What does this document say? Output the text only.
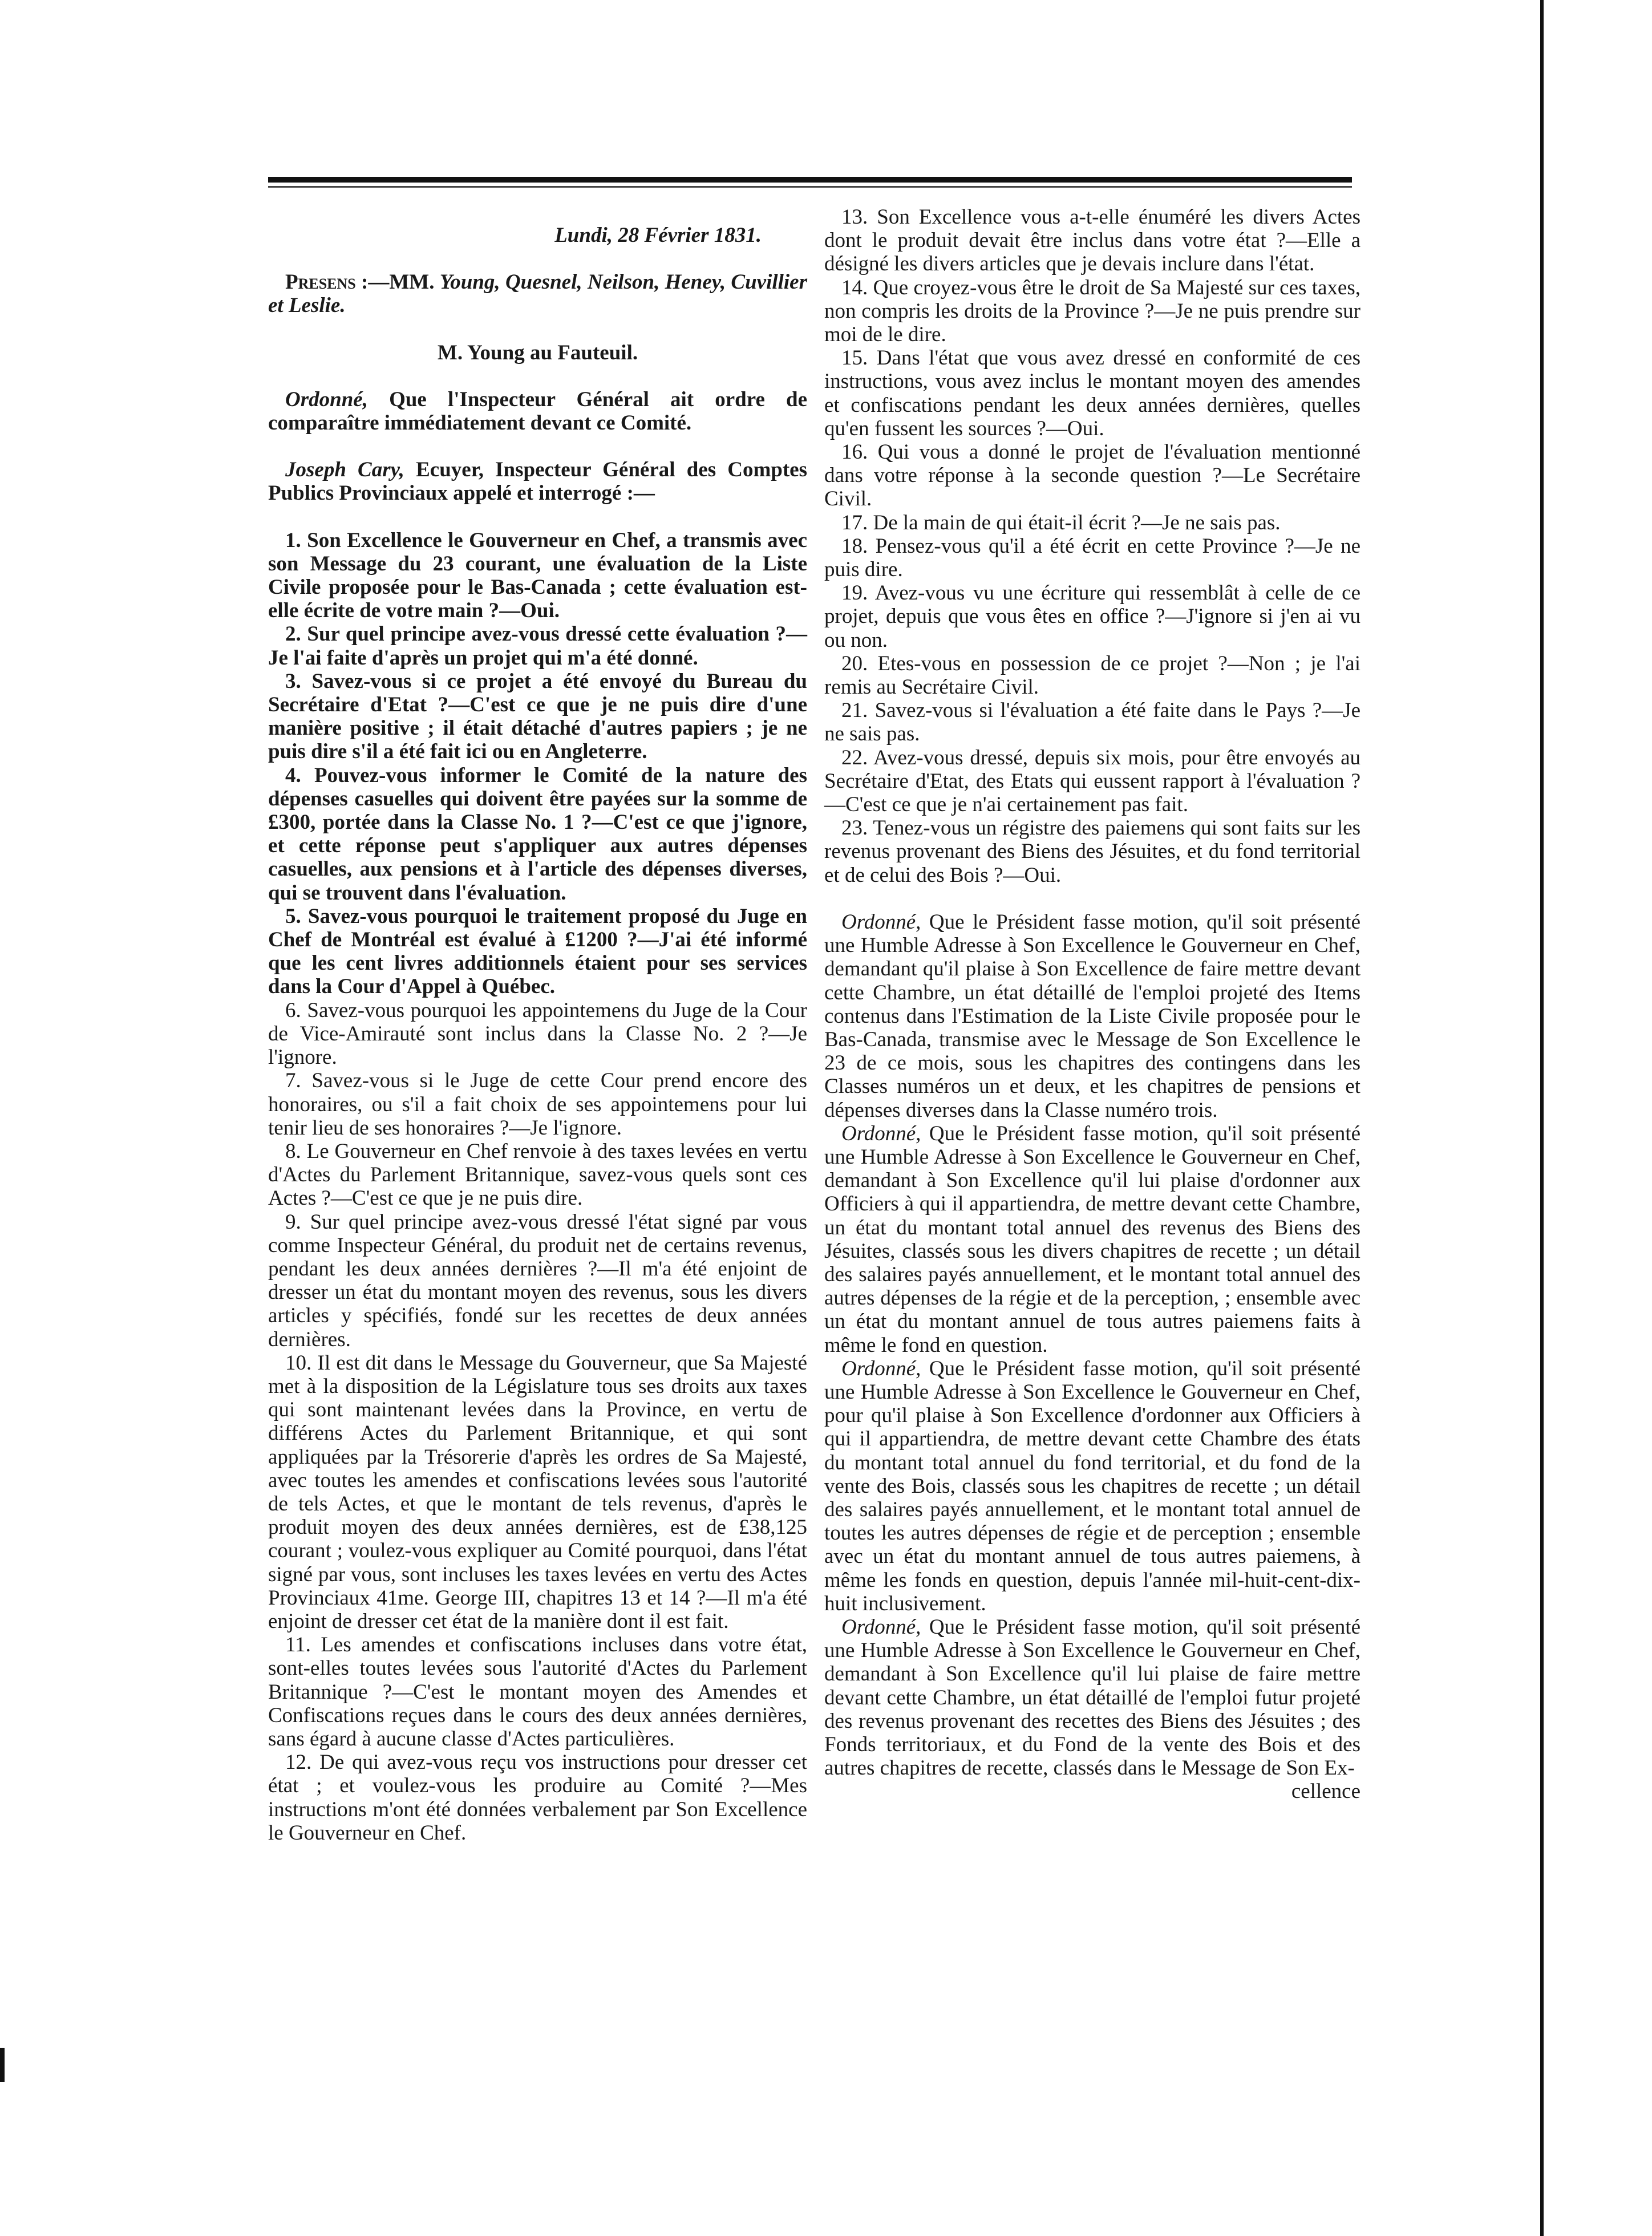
Lundi, 28 Février 1831.

Presens :—MM. Young, Quesnel, Neilson, Heney, Cuvillier et Leslie.

M. Young au Fauteuil.

Ordonné, Que l'Inspecteur Général ait ordre de comparaître immédiatement devant ce Comité.

Joseph Cary, Ecuyer, Inspecteur Général des Comptes Publics Provinciaux appelé et interrogé :—

1. Son Excellence le Gouverneur en Chef, a transmis avec son Message du 23 courant, une évaluation de la Liste Civile proposée pour le Bas-Canada ; cette évaluation est-elle écrite de votre main ?—Oui.

2. Sur quel principe avez-vous dressé cette évaluation ?—Je l'ai faite d'après un projet qui m'a été donné.

3. Savez-vous si ce projet a été envoyé du Bureau du Secrétaire d'Etat ?—C'est ce que je ne puis dire d'une manière positive ; il était détaché d'autres papiers ; je ne puis dire s'il a été fait ici ou en Angleterre.

4. Pouvez-vous informer le Comité de la nature des dépenses casuelles qui doivent être payées sur la somme de £300, portée dans la Classe No. 1 ?—C'est ce que j'ignore, et cette réponse peut s'appliquer aux autres dépenses casuelles, aux pensions et à l'article des dépenses diverses, qui se trouvent dans l'évaluation.

5. Savez-vous pourquoi le traitement proposé du Juge en Chef de Montréal est évalué à £1200 ?—J'ai été informé que les cent livres additionnels étaient pour ses services dans la Cour d'Appel à Québec.

6. Savez-vous pourquoi les appointemens du Juge de la Cour de Vice-Amirauté sont inclus dans la Classe No. 2 ?—Je l'ignore.

7. Savez-vous si le Juge de cette Cour prend encore des honoraires, ou s'il a fait choix de ses appointemens pour lui tenir lieu de ses honoraires ?—Je l'ignore.

8. Le Gouverneur en Chef renvoie à des taxes levées en vertu d'Actes du Parlement Britannique, savez-vous quels sont ces Actes ?—C'est ce que je ne puis dire.

9. Sur quel principe avez-vous dressé l'état signé par vous comme Inspecteur Général, du produit net de certains revenus, pendant les deux années dernières ?—Il m'a été enjoint de dresser un état du montant moyen des revenus, sous les divers articles y spécifiés, fondé sur les recettes de deux années dernières.

10. Il est dit dans le Message du Gouverneur, que Sa Majesté met à la disposition de la Législature tous ses droits aux taxes qui sont maintenant levées dans la Province, en vertu de différens Actes du Parlement Britannique, et qui sont appliquées par la Trésorerie d'après les ordres de Sa Majesté, avec toutes les amendes et confiscations levées sous l'autorité de tels Actes, et que le montant de tels revenus, d'après le produit moyen des deux années dernières, est de £38,125 courant ; voulez-vous expliquer au Comité pourquoi, dans l'état signé par vous, sont incluses les taxes levées en vertu des Actes Provinciaux 41me. George III, chapitres 13 et 14 ?—Il m'a été enjoint de dresser cet état de la manière dont il est fait.

11. Les amendes et confiscations incluses dans votre état, sont-elles toutes levées sous l'autorité d'Actes du Parlement Britannique ?—C'est le montant moyen des Amendes et Confiscations reçues dans le cours des deux années dernières, sans égard à aucune classe d'Actes particulières.

12. De qui avez-vous reçu vos instructions pour dresser cet état ; et voulez-vous les produire au Comité ?—Mes instructions m'ont été données verbalement par Son Excellence le Gouverneur en Chef.

13. Son Excellence vous a-t-elle énuméré les divers Actes dont le produit devait être inclus dans votre état ?—Elle a désigné les divers articles que je devais inclure dans l'état.

14. Que croyez-vous être le droit de Sa Majesté sur ces taxes, non compris les droits de la Province ?—Je ne puis prendre sur moi de le dire.

15. Dans l'état que vous avez dressé en conformité de ces instructions, vous avez inclus le montant moyen des amendes et confiscations pendant les deux années dernières, quelles qu'en fussent les sources ?—Oui.

16. Qui vous a donné le projet de l'évaluation mentionné dans votre réponse à la seconde question ?—Le Secrétaire Civil.

17. De la main de qui était-il écrit ?—Je ne sais pas.

18. Pensez-vous qu'il a été écrit en cette Province ?—Je ne puis dire.

19. Avez-vous vu une écriture qui ressemblât à celle de ce projet, depuis que vous êtes en office ?—J'ignore si j'en ai vu ou non.

20. Etes-vous en possession de ce projet ?—Non ; je l'ai remis au Secrétaire Civil.

21. Savez-vous si l'évaluation a été faite dans le Pays ?—Je ne sais pas.

22. Avez-vous dressé, depuis six mois, pour être envoyés au Secrétaire d'Etat, des Etats qui eussent rapport à l'évaluation ?—C'est ce que je n'ai certainement pas fait.

23. Tenez-vous un régistre des paiemens qui sont faits sur les revenus provenant des Biens des Jésuites, et du fond territorial et de celui des Bois ?—Oui.

Ordonné, Que le Président fasse motion, qu'il soit présenté une Humble Adresse à Son Excellence le Gouverneur en Chef, demandant qu'il plaise à Son Excellence de faire mettre devant cette Chambre, un état détaillé de l'emploi projeté des Items contenus dans l'Estimation de la Liste Civile proposée pour le Bas-Canada, transmise avec le Message de Son Excellence le 23 de ce mois, sous les chapitres des contingens dans les Classes numéros un et deux, et les chapitres de pensions et dépenses diverses dans la Classe numéro trois.

Ordonné, Que le Président fasse motion, qu'il soit présenté une Humble Adresse à Son Excellence le Gouverneur en Chef, demandant à Son Excellence qu'il lui plaise d'ordonner aux Officiers à qui il appartiendra, de mettre devant cette Chambre, un état du montant total annuel des revenus des Biens des Jésuites, classés sous les divers chapitres de recette ; un détail des salaires payés annuellement, et le montant total annuel des autres dépenses de la régie et de la perception, ; ensemble avec un état du montant annuel de tous autres paiemens faits à même le fond en question.

Ordonné, Que le Président fasse motion, qu'il soit présenté une Humble Adresse à Son Excellence le Gouverneur en Chef, pour qu'il plaise à Son Excellence d'ordonner aux Officiers à qui il appartiendra, de mettre devant cette Chambre des états du montant total annuel du fond territorial, et du fond de la vente des Bois, classés sous les chapitres de recette ; un détail des salaires payés annuellement, et le montant total annuel de toutes les autres dépenses de régie et de perception ; ensemble avec un état du montant annuel de tous autres paiemens, à même les fonds en question, depuis l'année mil-huit-cent-dix-huit inclusivement.

Ordonné, Que le Président fasse motion, qu'il soit présenté une Humble Adresse à Son Excellence le Gouverneur en Chef, demandant à Son Excellence qu'il lui plaise de faire mettre devant cette Chambre, un état détaillé de l'emploi futur projeté des revenus provenant des recettes des Biens des Jésuites ; des Fonds territoriaux, et du Fond de la vente des Bois et des autres chapitres de recette, classés dans le Message de Son Ex-

cellence
